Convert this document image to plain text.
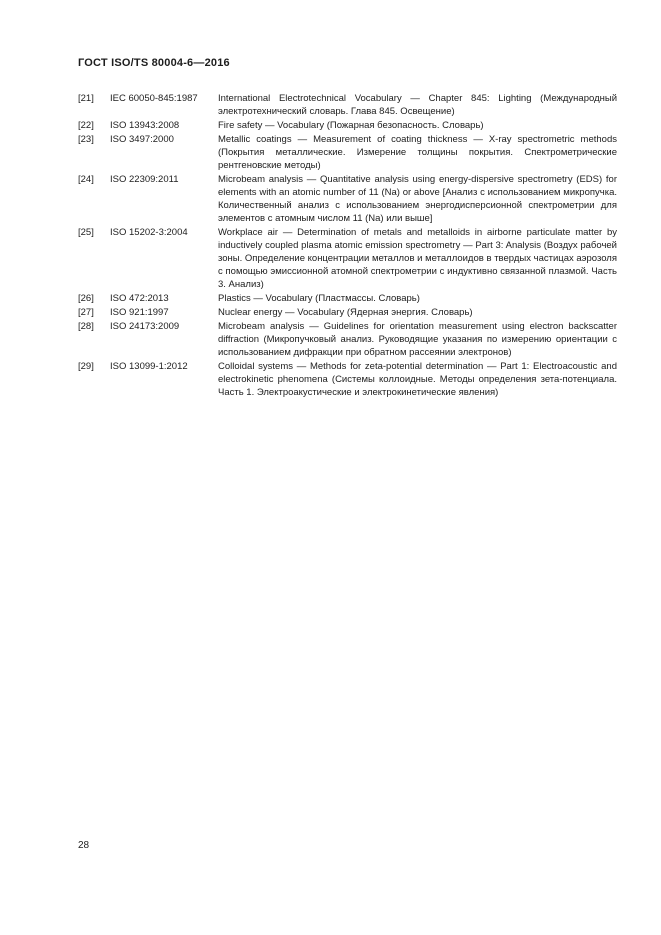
ГОСТ ISO/TS 80004-6—2016
[21]	IEC 60050-845:1987	International Electrotechnical Vocabulary — Chapter 845: Lighting (Международный электротехнический словарь. Глава 845. Освещение)
[22]	ISO 13943:2008	Fire safety — Vocabulary (Пожарная безопасность. Словарь)
[23]	ISO 3497:2000	Metallic coatings — Measurement of coating thickness — X-ray spectrometric methods (Покрытия металлические. Измерение толщины покрытия. Спектрометрические рентгеновские методы)
[24]	ISO 22309:2011	Microbeam analysis — Quantitative analysis using energy-dispersive spectrometry (EDS) for elements with an atomic number of 11 (Na) or above [Анализ с использованием микропучка. Количественный анализ с использованием энергодисперсионной спектрометрии для элементов с атомным числом 11 (Na) или выше]
[25]	ISO 15202-3:2004	Workplace air — Determination of metals and metalloids in airborne particulate matter by inductively coupled plasma atomic emission spectrometry — Part 3: Analysis (Воздух рабочей зоны. Определение концентрации металлов и металлоидов в твердых частицах аэрозоля с помощью эмиссионной атомной спектрометрии с индуктивно связанной плазмой. Часть 3. Анализ)
[26]	ISO 472:2013	Plastics — Vocabulary (Пластмассы. Словарь)
[27]	ISO 921:1997	Nuclear energy — Vocabulary (Ядерная энергия. Словарь)
[28]	ISO 24173:2009	Microbeam analysis — Guidelines for orientation measurement using electron backscatter diffraction (Микропучковый анализ. Руководящие указания по измерению ориентации с использованием дифракции при обратном рассеянии электронов)
[29]	ISO 13099-1:2012	Colloidal systems — Methods for zeta-potential determination — Part 1: Electroacoustic and electrokinetic phenomena (Системы коллоидные. Методы определения зета-потенциала. Часть 1. Электроакустические и электрокинетические явления)
28
